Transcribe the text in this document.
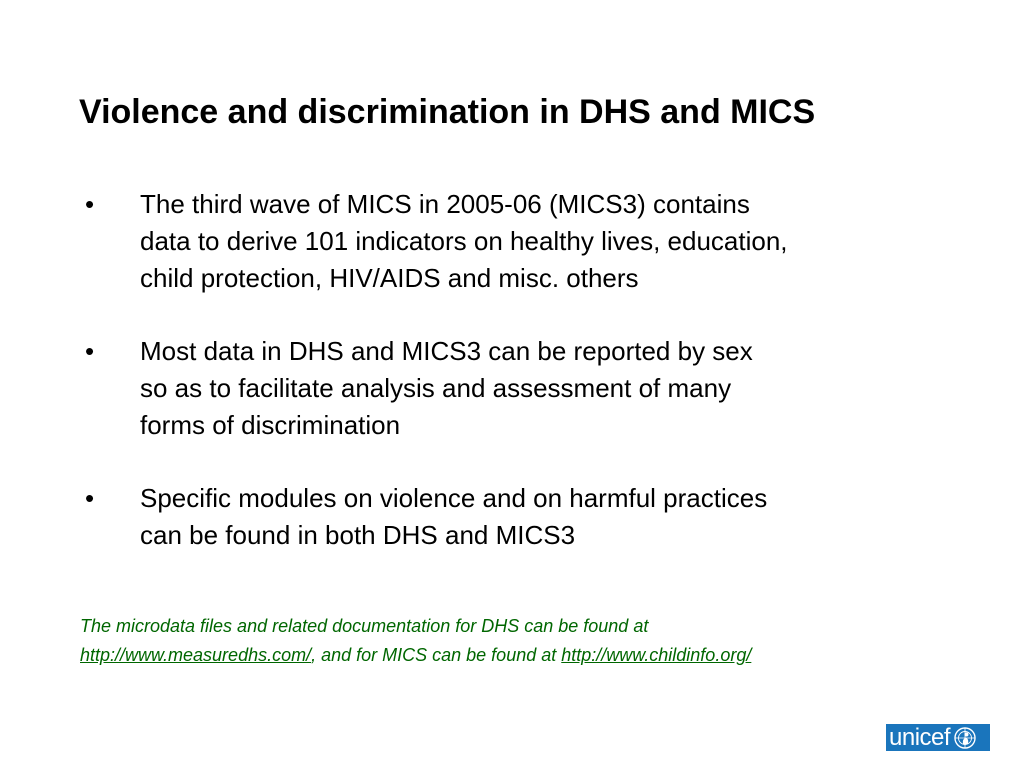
Violence and discrimination in DHS and MICS
•	The third wave of MICS in 2005-06 (MICS3) contains
data to derive 101 indicators on healthy lives, education,
child protection, HIV/AIDS and misc. others
•	Most data in DHS and MICS3 can be reported by sex
so as to facilitate analysis and assessment of many
forms of discrimination
•	Specific modules on violence and on harmful practices
can be found in both DHS and MICS3
The microdata files and related documentation for DHS can be found at
http://www.measuredhs.com/, and for MICS can be found at http://www.childinfo.org/
unicef
